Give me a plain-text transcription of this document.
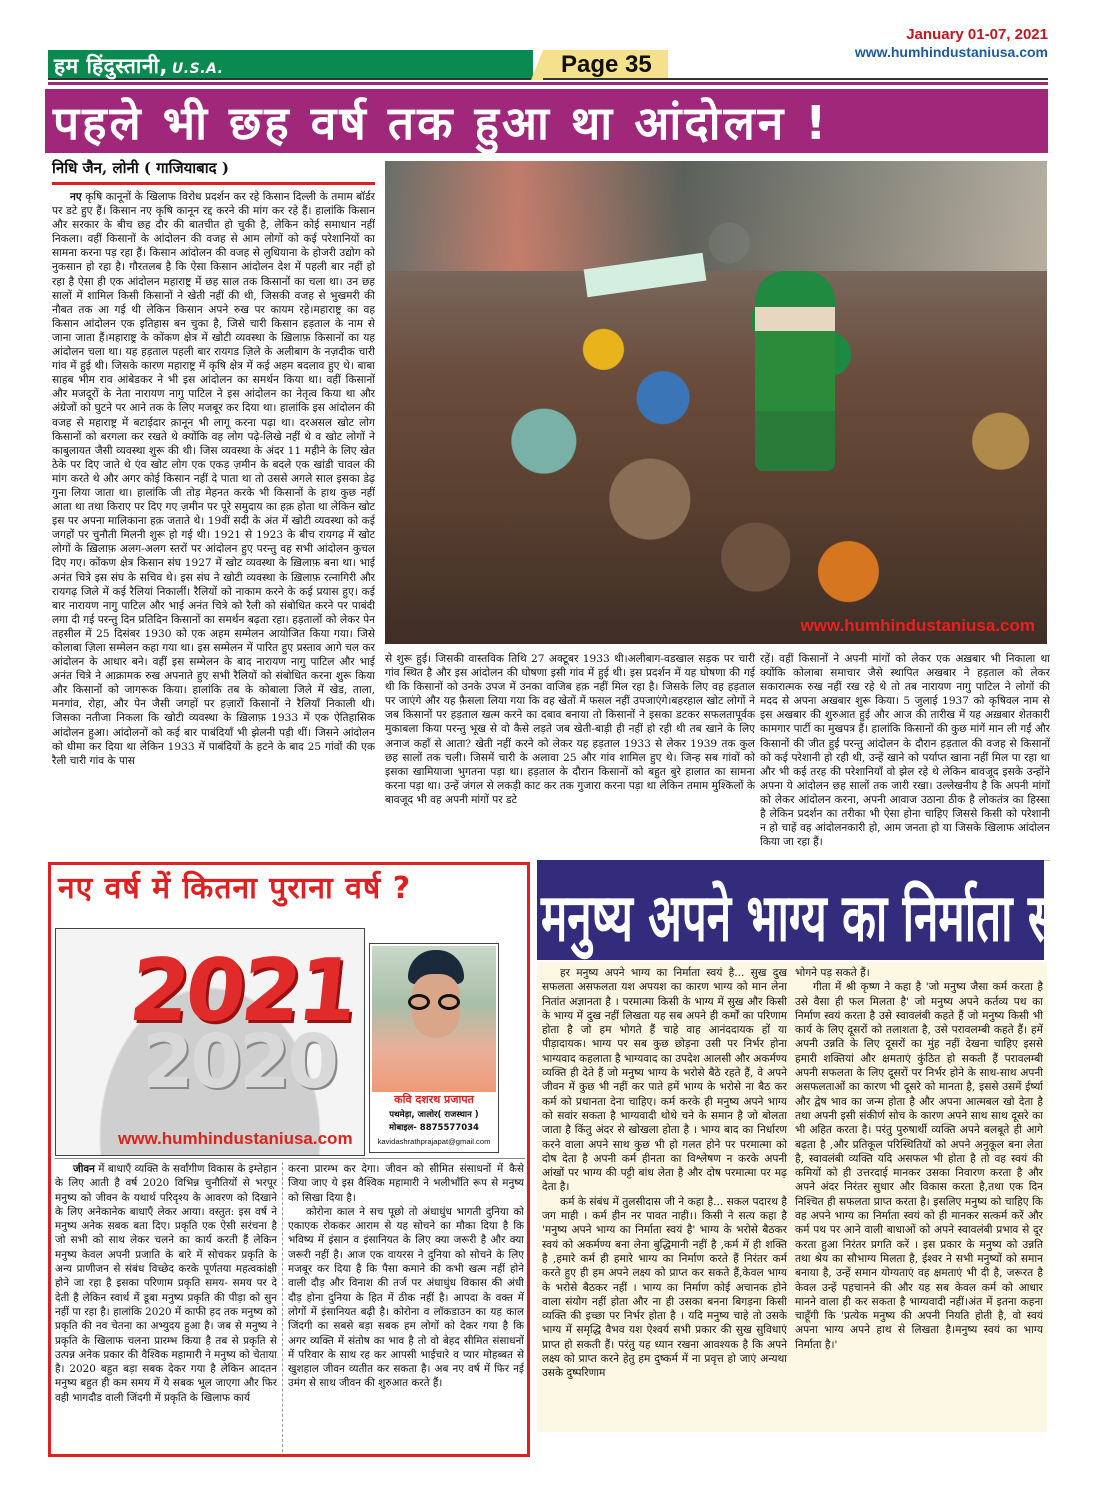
हम हिंदुस्तानी, U.S.A.	Page 35
January 01-07, 2021
www.humhindustaniusa.com
पहले भी छह वर्ष तक हुआ था आंदोलन !
निधि जैन, लोनी ( गाजियाबाद )

नए कृषि कानूनों के खिलाफ विरोध प्रदर्शन कर रहे किसान दिल्ली के तमाम बॉर्डर पर डटे हुए हैं। किसान नए कृषि कानून रद्द करने की मांग कर रहे हैं। हालांकि किसान और सरकार के बीच छह दौर की बातचीत हो चुकी है, लेकिन कोई समाधान नहीं निकला। वहीं किसानों के आंदोलन की वजह से आम लोगों को कई परेशानियों का सामना करना पड़ रहा हैं। किसान आंदोलन की वजह से लुधियाना के होजरी उद्योग को नुकसान हो रहा है। गौरतलब है कि ऐसा किसान आंदोलन देश में पहली बार नहीं हो रहा है ऐसा ही एक आंदोलन महाराष्ट्र में छह साल तक किसानों का चला था। उन छह सालों में शामिल किसी किसानों ने खेती नहीं की थी, जिसकी वजह से भुखमरी की नौबत तक आ गई थी लेकिन किसान अपने रुख पर कायम रहे।महाराष्ट्र का वह किसान आंदोलन एक इतिहास बन चुका है, जिसे चारी किसान हड़ताल के नाम से जाना जाता हैं।महाराष्ट्र के कोंकण क्षेत्र में खोटी व्यवस्था के ख़िलाफ़ किसानों का यह आंदोलन चला था। यह हड़ताल पहली बार रायगड ज़िले के अलीबाग के नज़दीक चारी गांव में हुई थी। जिसके कारण महाराष्ट्र में कृषि क्षेत्र में कई अहम बदलाव हुए थे। बाबा साहब भीम राव आंबेडकर ने भी इस आंदोलन का समर्थन किया था। वहीं किसानों और मजदूरों के नेता नारायण नागु पाटिल ने इस आंदोलन का नेतृत्व किया था और अंग्रेजों को घुटने पर आने तक के लिए मजबूर कर दिया था। हालांकि इस आंदोलन की वजह से महाराष्ट्र में बटाईदार क़ानून भी लागू करना पढ़ा था। दरअसल खोट लोग किसानों को बरगला कर रखते थे क्योंकि वह लोग पढ़े-लिखे नहीं थे व खोट लोगों ने काबुलायत जैसी व्यवस्था शुरू की थी। जिस व्यवस्था के अंदर 11 महीने के लिए खेत ठेके पर दिए जाते थे एंव खोट लोग एक एकड़ ज़मीन के बदले एक खांडी चावल की मांग करते थे और अगर कोई किसान नहीं दे पाता था तो उससे अगले साल इसका डेढ़ गुना लिया जाता था। हालांकि जी तोड़ मेहनत करके भी किसानों के हाथ कुछ नहीं आता था तथा किराए पर दिए गए ज़मीन पर पूरे समुदाय का हक़ होता था लेकिन खोट इस पर अपना मालिकाना हक़ जताते थे। 19वीं सदी के अंत में खोटी व्यवस्था को कई जगहों पर चुनौती मिलनी शुरू हो गई थी। 1921 से 1923 के बीच रायगढ़ में खोट लोगों के ख़िलाफ़ अलग-अलग स्तरों पर आंदोलन हुए परन्तु वह सभी आंदोलन कुचल दिए गए। कोंकण क्षेत्र किसान संघ 1927 में खोट व्यवस्था के ख़िलाफ़ बना था। भाई अनंत चित्रे इस संघ के सचिव थे। इस संघ ने खोटी व्यवस्था के ख़िलाफ़ रत्नागिरी और रायगढ़ जिले में कई रैलियां निकालीं। रैलियों को नाकाम करने के कई प्रयास हुए। कई बार नारायण नागु पाटिल और भाई अनंत चित्रे को रैली को संबोधित करने पर पाबंदी लगा दी गई परन्तु दिन प्रतिदिन किसानों का समर्थन बढ़ता रहा। हड़तालों को लेकर पेन तहसील में 25 दिसंबर 1930 को एक अहम सम्मेलन आयोजित किया गया। जिसे कोलाबा ज़िला सम्मेलन कहा गया था। इस सम्मेलन में पारित हुए प्रस्ताव आगे चल कर आंदोलन के आधार बने। वहीं इस सम्मेलन के बाद नारायण नागु पाटिल और भाई अनंत चित्रे ने आक्रामक रुख अपनाते हुए सभी रैलियों को संबोधित करना शुरू किया और किसानों को जागरूक किया। हालांकि तब के कोबाला जिले में खेड, ताला, मनगांव, रोहा, और पेन जैसी जगहों पर हज़ारों किसानों ने रैलियाँ निकाली थी। जिसका नतीजा निकला कि खोटी व्यवस्था के ख़िलाफ़ 1933 में एक ऐतिहासिक आंदोलन हुआ। आंदोलनों को कई बार पाबंदियाँ भी झेलनी पड़ी थीं। जिसने आंदोलन को धीमा कर दिया था लेकिन 1933 में पाबंदियों के हटने के बाद 25 गांवों की एक रैली चारी गांव के पास

www.humhindustaniusa.com
से शुरू हुई। जिसकी वास्तविक तिथि 27 अक्टूबर 1933 थी।अलीबाग-वडखाल सड़क पर चारी गांव स्थित है और इस आंदोलन की घोषणा इसी गांव में हुई थी। इस प्रदर्शन में यह घोषणा की गई थी कि किसानों को उनके उपज में उनका वाजिब हक़ नहीं मिल रहा है। जिसके लिए वह हड़ताल पर जाएंगे और यह फ़ैसला लिया गया कि वह खेतों में फसल नहीं उपजाएंगे।बहरहाल खोट लोगों ने जब किसानों पर हड़ताल खत्म करने का दबाव बनाया तो किसानों ने इसका डटकर सफलतापूर्वक मुकाबला किया परन्तु भूख से वो कैसे लड़ते जब खेती-बाड़ी ही नहीं हो रही थी तब खाने के लिए अनाज कहाँ से आता? खेती नहीं करने को लेकर यह हड़ताल 1933 से लेकर 1939 तक कुल छह सालों तक चली। जिसमें चारी के अलावा 25 और गांव शामिल हुए थे। जिन्ह सब गांवों को इसका खामियाजा भुगतना पड़ा था। हड़ताल के दौरान किसानों को बहुत बुरे हालात का सामना करना पड़ा था। उन्हें जंगल से लकड़ी काट कर तक गुजारा करना पड़ा था लेकिन तमाम मुश्किलों के बावजूद भी वह अपनी मांगों पर डटे
रहें। वहीं किसानों ने अपनी मांगों को लेकर एक अख़बार भी निकाला था क्योंकि कोलाबा समाचार जैसे स्थापित अखबार ने हड़ताल को लेकर सकारात्मक रुख नहीं रख रहे थे तो तब नारायण नागु पाटिल ने लोगों की मदद से अपना अखबार शुरू किया। 5 जुलाई 1937 को कृषिवल नाम से इस अखबार की शुरुआत हुई और आज की तारीख में यह अख़बार शेतकारी कामगार पार्टी का मुखपत्र हैं। हालांकि किसानों की कुछ मांगें मान ली गईं और किसानों की जीत हुई परन्तु आंदोलन के दौरान हड़ताल की वजह से किसानों को कई परेशानी हो रही थी, उन्हें खाने को पर्याप्त खाना नहीं मिल पा रहा था और भी कई तरह की परेशानियाँ वो झेल रहे थे लेकिन बावजूद इसके उन्होंने अपना ये आंदोलन छह सालों तक जारी रखा। उल्लेखनीय है कि अपनी मांगों को लेकर आंदोलन करना, अपनी आवाज उठाना ठीक है लोकतंत्र का हिस्सा है लेकिन प्रदर्शन का तरीका भी ऐसा होना चाहिए जिससे किसी को परेशानी न हो चाहें वह आंदोलनकारी हो, आम जनता हो या जिसके खिलाफ आंदोलन किया जा रहा हैं।
नए वर्ष में कितना पुराना वर्ष ?
2020
2021
www.humhindustaniusa.com
कवि दशरथ प्रजापत
पथमेड़ा, जालोर( राजस्थान )
मोबाइल- 8875577034
kavidashrathprajapat@gmail.com

जीवन में बाधाएँ व्यक्ति के सर्वांगीण विकास के इम्तेहान के लिए आती है वर्ष 2020 विभिन्न चुनौतियों से भरपूर मनुष्य को जीवन के यथार्थ परिदृश्य के आवरण को दिखाने के लिए अनेकानेक बाधाएँ लेकर आया। वस्तुत: इस वर्ष ने मनुष्य अनेक सबक बता दिए। प्रकृति एक ऐसी सरंचना है जो सभी को साथ लेकर चलने का कार्य करती हैं लेकिन मनुष्य केवल अपनी प्रजाति के बारे में सोचकर प्रकृति के अन्य प्राणीजन से संबंध विच्छेद करके पूर्णतया महत्वकांक्षी होने जा रहा है इसका परिणाम प्रकृति समय- समय पर दे देती है लेकिन स्वार्थ में डूबा मनुष्य प्रकृति की पीड़ा को सुन नहीं पा रहा है। हालांकि 2020 में काफी हद तक मनुष्य को प्रकृति की नव चेतना का अभ्युदय हुआ है। जब से मनुष्य ने प्रकृति के खिलाफ चलना प्रारम्भ किया है तब से प्रकृति से उत्पन्न अनेक प्रकार की वैश्विक महामारी ने मनुष्य को चेताया है। 2020 बहुत बड़ा सबक देकर गया है लेकिन आदतन मनुष्य बहुत ही कम समय में ये सबक भूल जाएगा और फिर वही भागदौड वाली जिंदगी में प्रकृति के खिलाफ कार्य

करना प्रारम्भ कर देगा। जीवन को सीमित संसाधनों में कैसे जिया जाए ये इस वैश्विक महामारी ने भलीभाँति रूप से मनुष्य को सिखा दिया है।

कोरोना काल ने सच पूछो तो अंधाधुंध भागती दुनिया को एकाएक रोककर आराम से यह सोचने का मौका दिया है कि भविष्य में इंसान व इंसानियत के लिए क्या जरूरी है और क्या जरूरी नहीं है। आज एक वायरस ने दुनिया को सोचने के लिए मजबूर कर दिया है कि पैसा कमाने की कभी खत्म नहीं होने वाली दौड़ और विनाश की तर्ज पर अंधाधुंध विकास की अंधी दौड़ होना दुनिया के हित में ठीक नहीं है। आपदा के वक्त में लोगों में इंसानियत बढ़ी है। कोरोना व लॉकडाउन का यह काल जिंदगी का सबसे बड़ा सबक हम लोगों को देकर गया है कि अगर व्यक्ति में संतोष का भाव है तो वो बेहद सीमित संसाधनों में परिवार के साथ रह कर आपसी भाईचारे व प्यार मोहब्बत से खुशहाल जीवन व्यतीत कर सकता है। अब नए वर्ष में फिर नई उमंग से साथ जीवन की शुरुआत करते हैं।

मनुष्य अपने भाग्य का निर्माता स्वयं

हर मनुष्य अपने भाग्य का निर्माता स्वयं है... सुख दुख सफलता असफलता यश अपयश का कारण भाग्य को मान लेना नितांत अज्ञानता है । परमात्मा किसी के भाग्य में सुख और किसी के भाग्य में दुख नहीं लिखता यह सब अपने ही कर्मों का परिणाम होता है जो हम भोगते हैं चाहे वाह आनंददायक हों या पीड़ादायक। भाग्य पर सब कुछ छोड़ना उसी पर निर्भर होना भाग्यवाद कहलाता है भाग्यवाद का उपदेश आलसी और अकर्मण्य व्यक्ति ही देते हैं जो मनुष्य भाग्य के भरोसे बैठे रहते हैं, वे अपने जीवन में कुछ भी नहीं कर पाते हमें भाग्य के भरोसे ना बैठ कर कर्म को प्रधानता देना चाहिए। कर्म करके ही मनुष्य अपने भाग्य को सवांर सकता है भाग्यवादी थोथे चने के समान है जो बोलता जाता है किंतु अंदर से खोखला होता है । भाग्य बाद का निर्धारण करने वाला अपने साथ कुछ भी हो गलत होने पर परमात्मा को दोष देता है अपनी कर्म हीनता का विश्लेषण न करके अपनी आंखों पर भाग्य की पट्टी बांध लेता है और दोष परमात्मा पर मढ़ देता है।

कर्म के संबंध में तुलसीदास जी ने कहा है... सकल पदारथ है जग माही । कर्म हीन नर पावत नाही।। किसी ने सत्य कहा है 'मनुष्य अपने भाग्य का निर्माता स्वयं है' भाग्य के भरोसे बैठकर स्वयं को अकर्मण्य बना लेना बुद्धिमानी नहीं है ,कर्म में ही शक्ति है ,हमारे कर्म ही हमारे भाग्य का निर्माण करते हैं निरंतर कर्म करते हुए ही हम अपने लक्ष्य को प्राप्त कर सकते हैं,केवल भाग्य के भरोसे बैठकर नहीं । भाग्य का निर्माण कोई अचानक होने वाला संयोग नहीं होता और ना ही उसका बनना बिगड़ना किसी व्यक्ति की इच्छा पर निर्भर होता है । यदि मनुष्य चाहे तो उसके भाग्य में समृद्धि वैभव यश ऐश्वर्य सभी प्रकार की सुख सुविधाएं प्राप्त हो सकती हैं। परंतु यह ध्यान रखना आवश्यक है कि अपने लक्ष्य को प्राप्त करने हेतु हम दुष्कर्म में ना प्रवृत्त हो जाएं अन्यथा उसके दुष्परिणाम

भोगने पड़ सकते हैं।

गीता में श्री कृष्ण ने कहा है 'जो मनुष्य जैसा कर्म करता है उसे वैसा ही फल मिलता है' जो मनुष्य अपने कर्तव्य पथ का निर्माण स्वयं करता है उसे स्वावलंबी कहते हैं जो मनुष्य किसी भी कार्य के लिए दूसरों को तलाशता है, उसे परावलम्बी कहते हैं। हमें अपनी उन्नति के लिए दूसरों का मुंह नहीं देखना चाहिए इससे हमारी शक्तियां और क्षमताएं कुंठित हो सकती हैं परावलम्बी अपनी सफलता के लिए दूसरों पर निर्भर होने के साथ-साथ अपनी असफलताओं का कारण भी दूसरे को मानता है, इससे उसमें ईर्ष्या और द्वेष भाव का जन्म होता है और अपना आत्मबल खो देता है तथा अपनी इसी संकीर्ण सोच के कारण अपने साथ साथ दूसरे का भी अहित करता है। परंतु पुरुषार्थी व्यक्ति अपने बलबूते ही आगे बढ़ता है ,और प्रतिकूल परिस्थितियों को अपने अनुकूल बना लेता है, स्वावलंबी व्यक्ति यदि असफल भी होता है तो वह स्वयं की कमियों को ही उत्तरदाई मानकर उसका निवारण करता है और अपने अंदर निरंतर सुधार और विकास करता है,तथा एक दिन निश्चित ही सफलता प्राप्त करता है। इसलिए मनुष्य को चाहिए कि वह अपने भाग्य का निर्माता स्वयं को ही मानकर सत्कर्म करें और कर्म पथ पर आने वाली बाधाओं को अपने स्वावलंबी प्रभाव से दूर करता हुआ निरंतर प्रगति करें । इस प्रकार के मनुष्य को उन्नति तथा श्रेय का सौभाग्य मिलता है, ईश्वर ने सभी मनुष्यों को समान बनाया है, उन्हें समान योग्यताएं वह क्षमताएं भी दी है, जरूरत है केवल उन्हें पहचानने की और यह सब केवल कर्म को आधार मानने वाला ही कर सकता है भाग्यवादी नहीं।अंत में इतना कहना चाहूँगी कि 'प्रत्येक मनुष्य की अपनी नियति होती है, वो स्वयं अपना भाग्य अपने हाथ से लिखता है।मनुष्य स्वयं का भाग्य निर्माता है।'
